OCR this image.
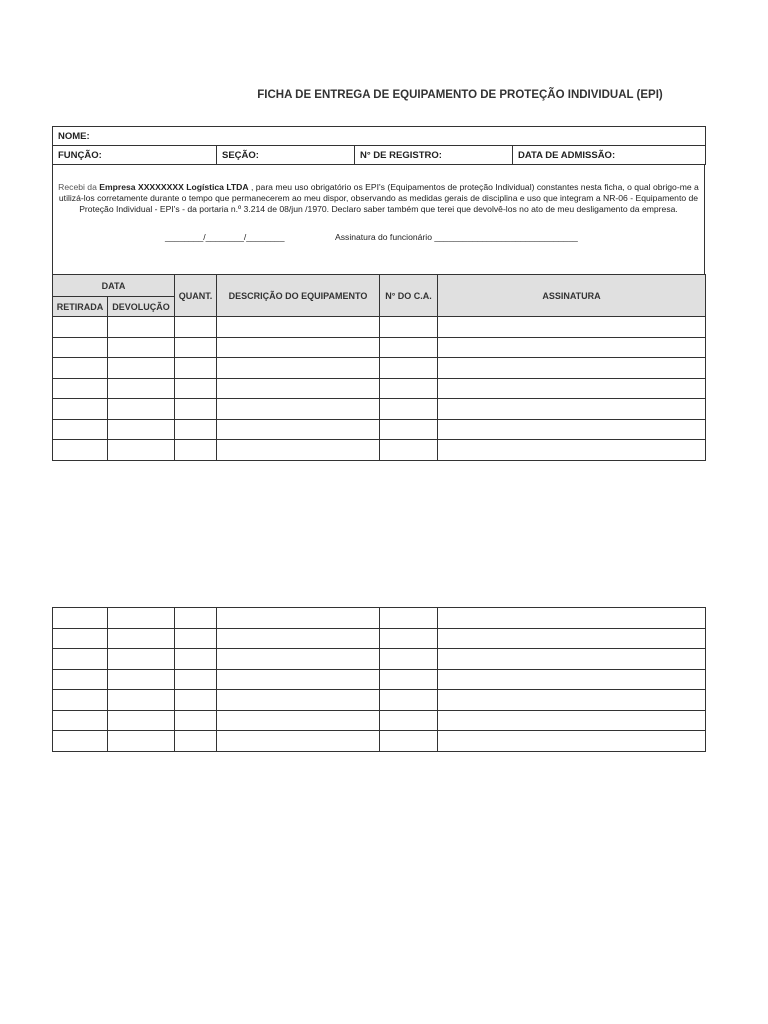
FICHA DE ENTREGA DE EQUIPAMENTO DE PROTEÇÃO INDIVIDUAL (EPI)
NOME:
FUNÇÃO:	SEÇÃO:	N° DE REGISTRO:	DATA DE ADMISSÃO:
Recebi da Empresa XXXXXXXX Logística LTDA , para meu uso obrigatório os EPI's (Equipamentos de proteção Individual) constantes nesta ficha, o qual obrigo-me a utilizá-los corretamente durante o tempo que permanecerem ao meu dispor, observando as medidas gerais de disciplina e uso que integram a NR-06 - Equipamento de Proteção Individual - EPI's - da portaria n.º 3.214 de 08/jun /1970. Declaro saber também que terei que devolvê-los no ato de meu desligamento da empresa.
________/________/________	Assinatura do funcionário ______________________________
DATA		QUANT.	DESCRIÇÃO DO EQUIPAMENTO	N° DO C.A.	ASSINATURA
RETIRADA	DEVOLUÇÃO				
